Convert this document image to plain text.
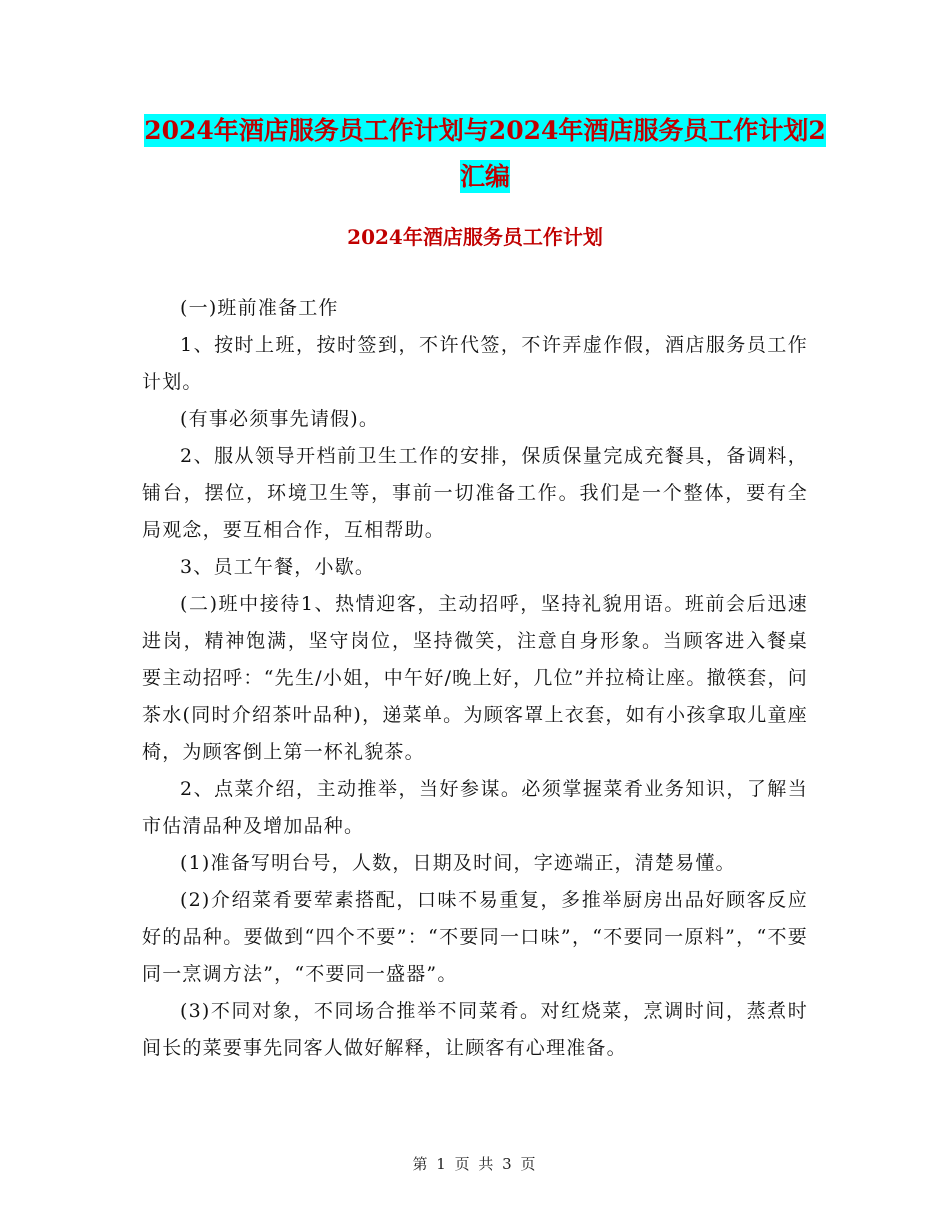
2024年酒店服务员工作计划与2024年酒店服务员工作计划2汇编
2024年酒店服务员工作计划

(一)班前准备工作

1、按时上班，按时签到，不许代签，不许弄虚作假，酒店服务员工作计划。

(有事必须事先请假)。

2、服从领导开档前卫生工作的安排，保质保量完成充餐具，备调料，铺台，摆位，环境卫生等，事前一切准备工作。我们是一个整体，要有全局观念，要互相合作，互相帮助。

3、员工午餐，小歇。

(二)班中接待1、热情迎客，主动招呼，坚持礼貌用语。班前会后迅速进岗，精神饱满，坚守岗位，坚持微笑，注意自身形象。当顾客进入餐桌要主动招呼：“先生/小姐，中午好/晚上好，几位”并拉椅让座。撤筷套，问茶水(同时介绍茶叶品种)，递菜单。为顾客罩上衣套，如有小孩拿取儿童座椅，为顾客倒上第一杯礼貌茶。

2、点菜介绍，主动推举，当好参谋。必须掌握菜肴业务知识，了解当市估清品种及增加品种。

(1)准备写明台号，人数，日期及时间，字迹端正，清楚易懂。

(2)介绍菜肴要荤素搭配，口味不易重复，多推举厨房出品好顾客反应好的品种。要做到“四个不要”：“不要同一口味”，“不要同一原料”，“不要同一烹调方法”，“不要同一盛器”。

(3)不同对象，不同场合推举不同菜肴。对红烧菜，烹调时间，蒸煮时间长的菜要事先同客人做好解释，让顾客有心理准备。

第 1 页 共 3 页
